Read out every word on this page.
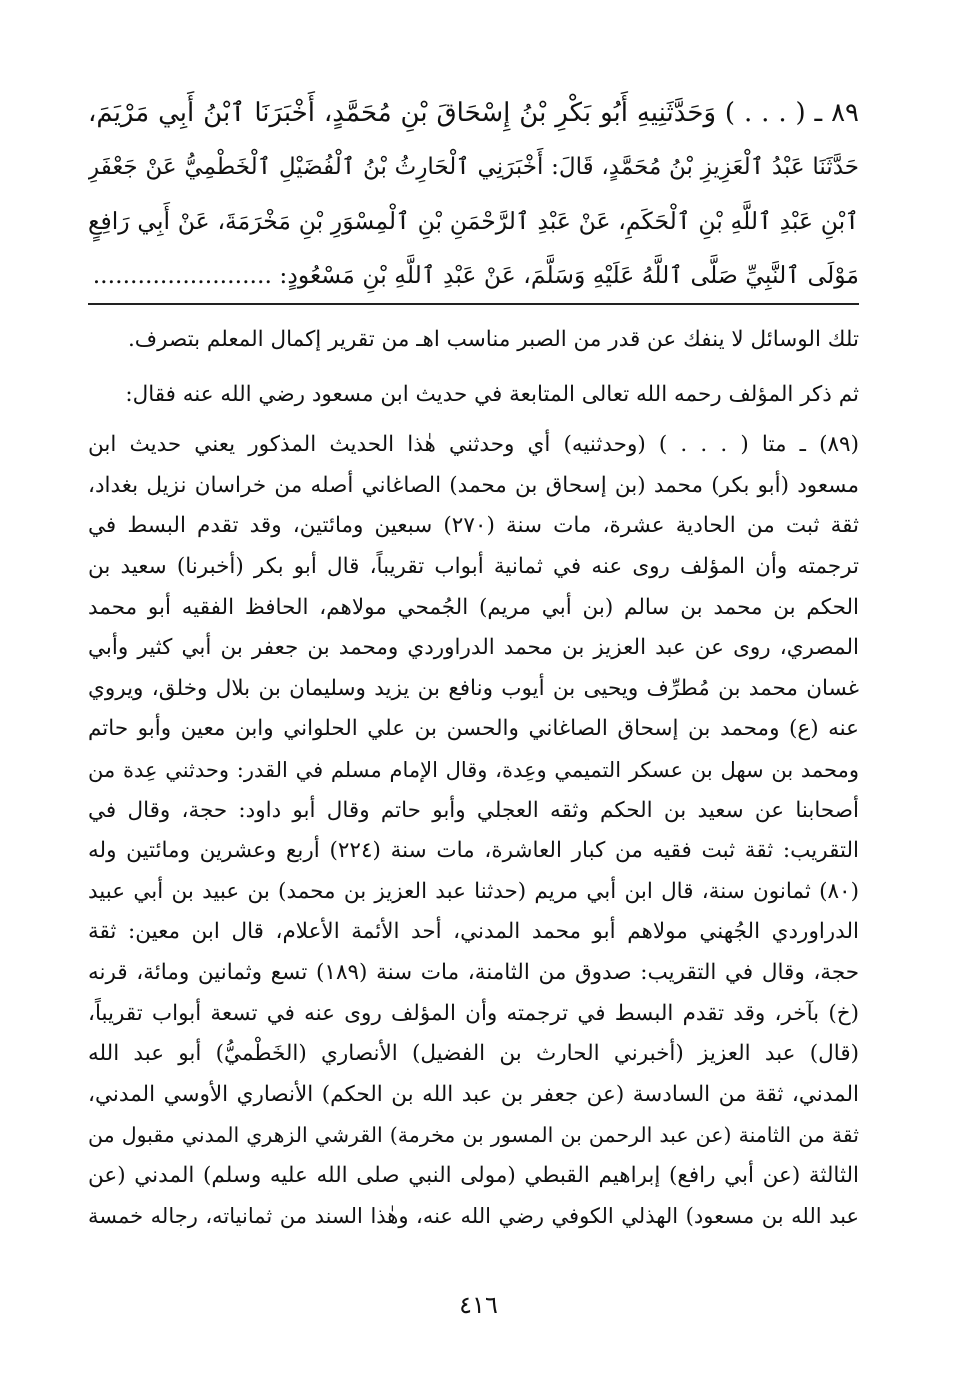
٨٩ ـ ( . . . ) وَحَدَّثَنِيهِ أَبُو بَكْرِ بْنُ إِسْحَاقَ بْنِ مُحَمَّدٍ، أَخْبَرَنَا ٱبْنُ أَبِي مَرْيَمَ،
حَدَّثَنَا عَبْدُ ٱلْعَزِيزِ بْنُ مُحَمَّدٍ، قَالَ: أَخْبَرَنِي ٱلْحَارِثُ بْنُ ٱلْفُضَيْلِ ٱلْخَطْمِيُّ عَنْ جَعْفَرِ
ٱبْنِ عَبْدِ ٱللَّهِ بْنِ ٱلْحَكَمِ، عَنْ عَبْدِ ٱلرَّحْمَنِ بْنِ ٱلْمِسْوَرِ بْنِ مَخْرَمَةَ، عَنْ أَبِي رَافِعٍ
مَوْلَى ٱلنَّبِيِّ صَلَّى ٱللَّهُ عَلَيْهِ وَسَلَّمَ، عَنْ عَبْدِ ٱللَّهِ بْنِ مَسْعُودٍ: ........................
تلك الوسائل لا ينفك عن قدر من الصبر مناسب اهـ من تقرير إكمال المعلم بتصرف.
ثم ذكر المؤلف رحمه الله تعالى المتابعة في حديث ابن مسعود رضي الله عنه فقال:
(٨٩) ـ متا ( . . . ) (وحدثنيه) أي وحدثني هٰذا الحديث المذكور يعني حديث ابن
مسعود (أبو بكر) محمد (بن إسحاق بن محمد) الصاغاني أصله من خراسان نزيل بغداد،
ثقة ثبت من الحادية عشرة، مات سنة (٢٧٠) سبعين ومائتين، وقد تقدم البسط في
ترجمته وأن المؤلف روى عنه في ثمانية أبواب تقريباً، قال أبو بكر (أخبرنا) سعيد بن
الحكم بن محمد بن سالم (بن أبي مريم) الجُمحي مولاهم، الحافظ الفقيه أبو محمد
المصري، روى عن عبد العزيز بن محمد الدراوردي ومحمد بن جعفر بن أبي كثير وأبي
غسان محمد بن مُطرِّف ويحيى بن أيوب ونافع بن يزيد وسليمان بن بلال وخلق، ويروي
عنه (ع) ومحمد بن إسحاق الصاغاني والحسن بن علي الحلواني وابن معين وأبو حاتم
ومحمد بن سهل بن عسكر التميمي وعِدة، وقال الإمام مسلم في القدر: وحدثني عِدة من
أصحابنا عن سعيد بن الحكم وثقه العجلي وأبو حاتم وقال أبو داود: حجة، وقال في
التقريب: ثقة ثبت فقيه من كبار العاشرة، مات سنة (٢٢٤) أربع وعشرين ومائتين وله
(٨٠) ثمانون سنة، قال ابن أبي مريم (حدثنا عبد العزيز بن محمد) بن عبيد بن أبي عبيد
الدراوردي الجُهني مولاهم أبو محمد المدني، أحد الأئمة الأعلام، قال ابن معين: ثقة
حجة، وقال في التقريب: صدوق من الثامنة، مات سنة (١٨٩) تسع وثمانين ومائة، قرنه
(خ) بآخر، وقد تقدم البسط في ترجمته وأن المؤلف روى عنه في تسعة أبواب تقريباً،
(قال) عبد العزيز (أخبرني الحارث بن الفضيل) الأنصاري (الخَطْميُّ) أبو عبد الله
المدني، ثقة من السادسة (عن جعفر بن عبد الله بن الحكم) الأنصاري الأوسي المدني،
ثقة من الثامنة (عن عبد الرحمن بن المسور بن مخرمة) القرشي الزهري المدني مقبول من
الثالثة (عن أبي رافع) إبراهيم القبطي (مولى النبي صلى الله عليه وسلم) المدني (عن
عبد الله بن مسعود) الهذلي الكوفي رضي الله عنه، وهٰذا السند من ثمانياته، رجاله خمسة
٤١٦
